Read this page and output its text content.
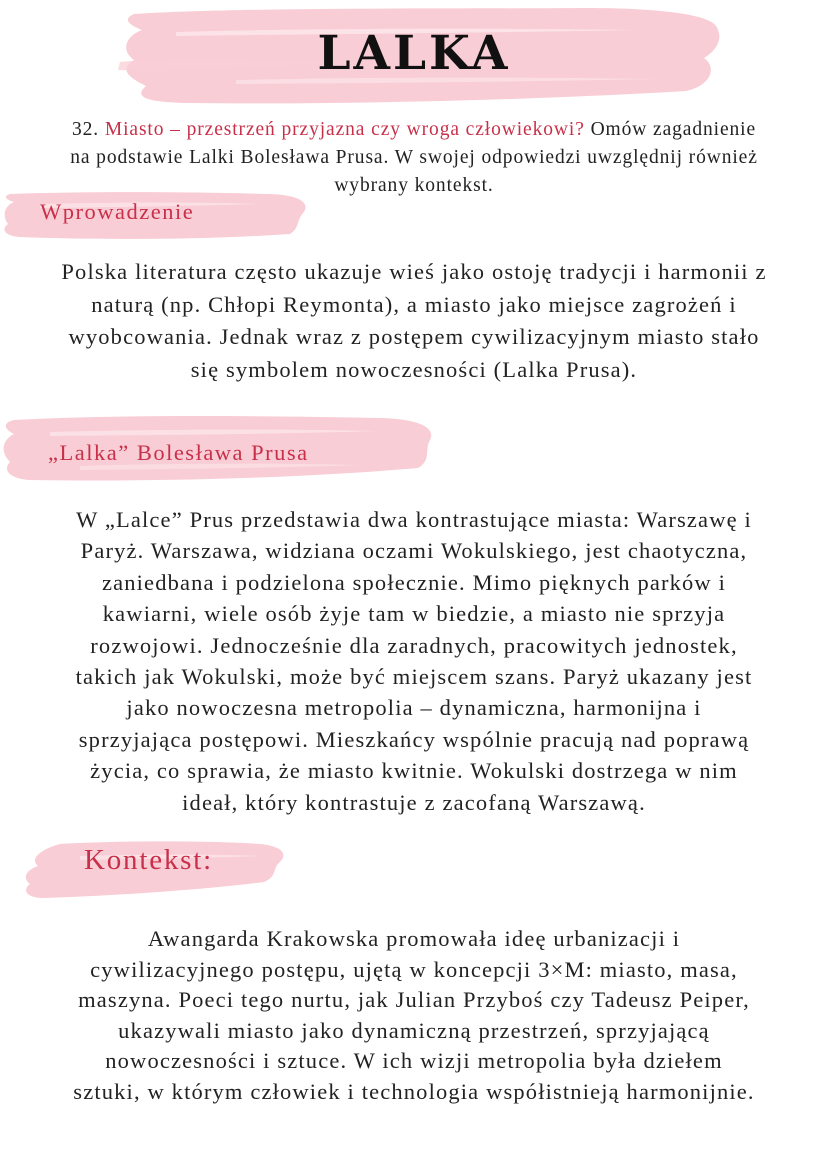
LALKA

32. Miasto – przestrzeń przyjazna czy wroga człowiekowi? Omów zagadnienie
na podstawie Lalki Bolesława Prusa. W swojej odpowiedzi uwzględnij również
wybrany kontekst.

Wprowadzenie
Polska literatura często ukazuje wieś jako ostoję tradycji i harmonii z
naturą (np. Chłopi Reymonta), a miasto jako miejsce zagrożeń i
wyobcowania. Jednak wraz z postępem cywilizacyjnym miasto stało
się symbolem nowoczesności (Lalka Prusa).
„Lalka” Bolesława Prusa
W „Lalce” Prus przedstawia dwa kontrastujące miasta: Warszawę i
Paryż. Warszawa, widziana oczami Wokulskiego, jest chaotyczna,
zaniedbana i podzielona społecznie. Mimo pięknych parków i
kawiarni, wiele osób żyje tam w biedzie, a miasto nie sprzyja
rozwojowi. Jednocześnie dla zaradnych, pracowitych jednostek,
takich jak Wokulski, może być miejscem szans. Paryż ukazany jest
jako nowoczesna metropolia – dynamiczna, harmonijna i
sprzyjająca postępowi. Mieszkańcy wspólnie pracują nad poprawą
życia, co sprawia, że miasto kwitnie. Wokulski dostrzega w nim
ideał, który kontrastuje z zacofaną Warszawą.
Kontekst:
Awangarda Krakowska promowała ideę urbanizacji i
cywilizacyjnego postępu, ujętą w koncepcji 3×M: miasto, masa,
maszyna. Poeci tego nurtu, jak Julian Przyboś czy Tadeusz Peiper,
ukazywali miasto jako dynamiczną przestrzeń, sprzyjającą
nowoczesności i sztuce. W ich wizji metropolia była dziełem
sztuki, w którym człowiek i technologia współistnieją harmonijnie.
